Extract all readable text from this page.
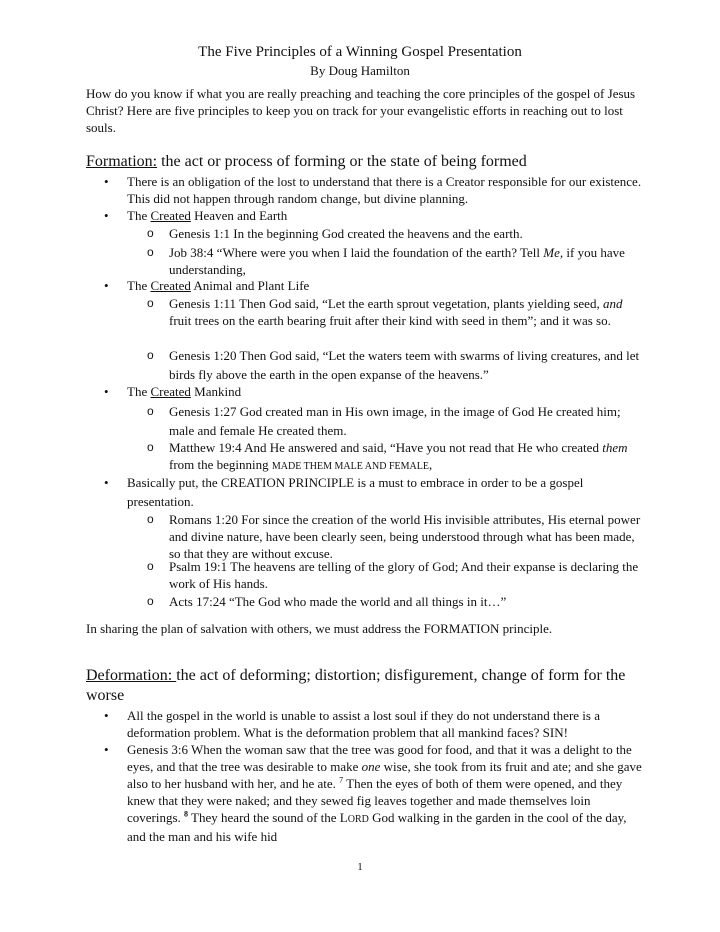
The Five Principles of a Winning Gospel Presentation
By Doug Hamilton
How do you know if what you are really preaching and teaching the core principles of the gospel of Jesus Christ? Here are five principles to keep you on track for your evangelistic efforts in reaching out to lost souls.
Formation: the act or process of forming or the state of being formed
• There is an obligation of the lost to understand that there is a Creator responsible for our existence. This did not happen through random change, but divine planning.
• The Created Heaven and Earth
o Genesis 1:1 In the beginning God created the heavens and the earth.
o Job 38:4 “Where were you when I laid the foundation of the earth? Tell Me, if you have understanding,
• The Created Animal and Plant Life
o Genesis 1:11 Then God said, “Let the earth sprout vegetation, plants yielding seed, and fruit trees on the earth bearing fruit after their kind with seed in them”; and it was so.
o Genesis 1:20 Then God said, “Let the waters teem with swarms of living creatures, and let birds fly above the earth in the open expanse of the heavens.”
• The Created Mankind
o Genesis 1:27 God created man in His own image, in the image of God He created him; male and female He created them.
o Matthew 19:4 And He answered and said, “Have you not read that He who created them from the beginning MADE THEM MALE AND FEMALE,
• Basically put, the CREATION PRINCIPLE is a must to embrace in order to be a gospel presentation.
o Romans 1:20 For since the creation of the world His invisible attributes, His eternal power and divine nature, have been clearly seen, being understood through what has been made, so that they are without excuse.
o Psalm 19:1 The heavens are telling of the glory of God; And their expanse is declaring the work of His hands.
o Acts 17:24 “The God who made the world and all things in it…”
In sharing the plan of salvation with others, we must address the FORMATION principle.
Deformation: the act of deforming; distortion; disfigurement, change of form for the worse
• All the gospel in the world is unable to assist a lost soul if they do not understand there is a deformation problem. What is the deformation problem that all mankind faces? SIN!
• Genesis 3:6 When the woman saw that the tree was good for food, and that it was a delight to the eyes, and that the tree was desirable to make one wise, she took from its fruit and ate; and she gave also to her husband with her, and he ate. $^7$ Then the eyes of both of them were opened, and they knew that they were naked; and they sewed fig leaves together and made themselves loin coverings. $^8$ They heard the sound of the LORD God walking in the garden in the cool of the day, and the man and his wife hid
1
